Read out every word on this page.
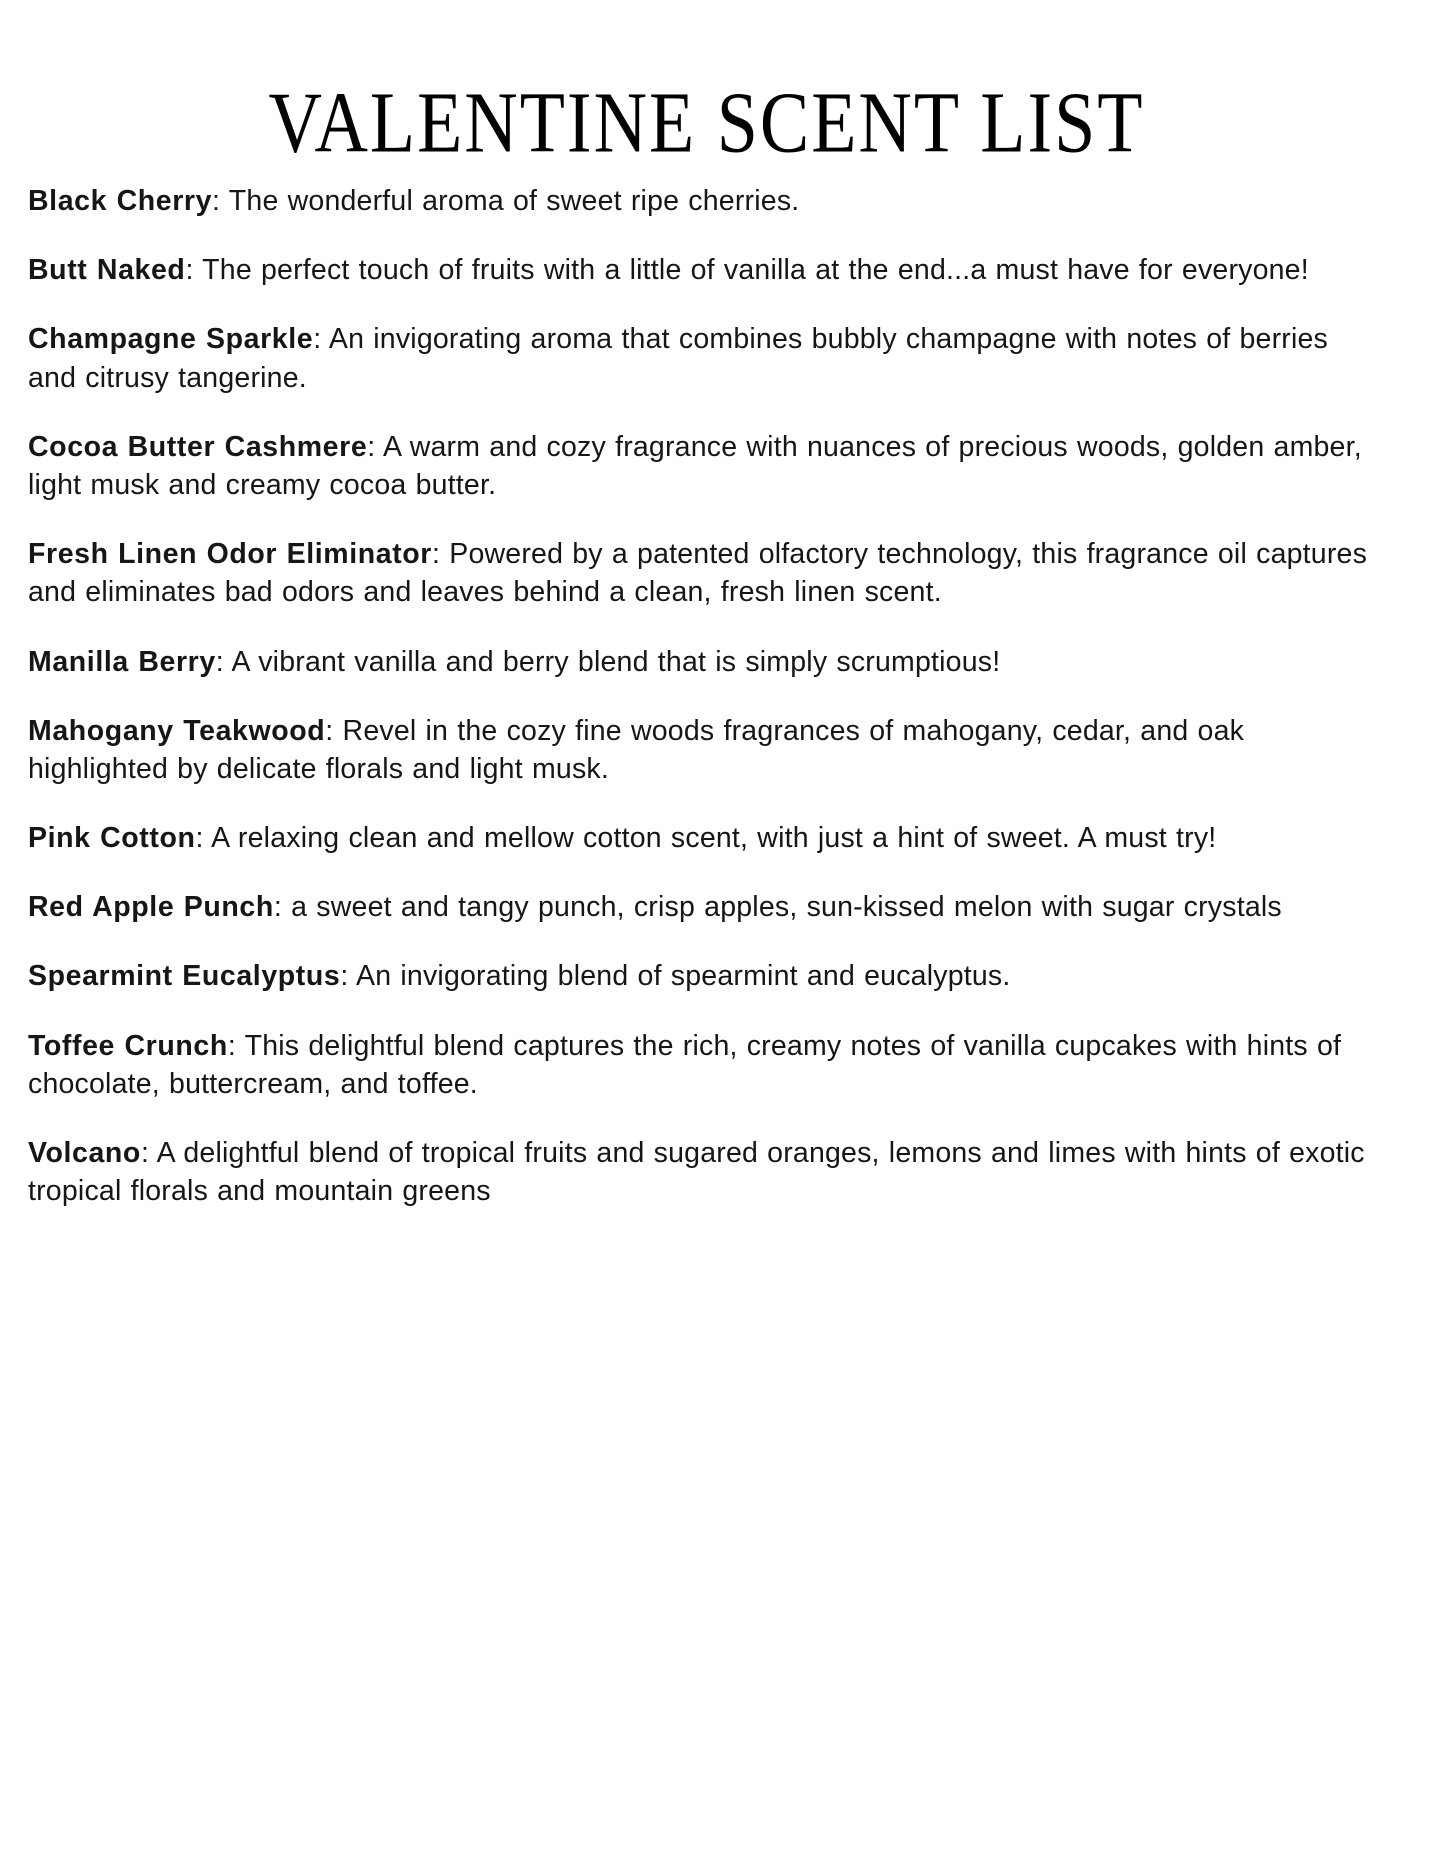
VALENTINE SCENT LIST
Black Cherry: The wonderful aroma of sweet ripe cherries.
Butt Naked: The perfect touch of fruits with a little of vanilla at the end...a must have for everyone!
Champagne Sparkle: An invigorating aroma that combines bubbly champagne with notes of berries and citrusy tangerine.
Cocoa Butter Cashmere: A warm and cozy fragrance with nuances of precious woods, golden amber, light musk and creamy cocoa butter.
Fresh Linen Odor Eliminator: Powered by a patented olfactory technology, this fragrance oil captures and eliminates bad odors and leaves behind a clean, fresh linen scent.
Manilla Berry: A vibrant vanilla and berry blend that is simply scrumptious!
Mahogany Teakwood: Revel in the cozy fine woods fragrances of mahogany, cedar, and oak highlighted by delicate florals and light musk.
Pink Cotton: A relaxing clean and mellow cotton scent, with just a hint of sweet. A must try!
Red Apple Punch: a sweet and tangy punch, crisp apples, sun-kissed melon with sugar crystals
Spearmint Eucalyptus: An invigorating blend of spearmint and eucalyptus.
Toffee Crunch: This delightful blend captures the rich, creamy notes of vanilla cupcakes with hints of chocolate, buttercream, and toffee.
Volcano: A delightful blend of tropical fruits and sugared oranges, lemons and limes with hints of exotic tropical florals and mountain greens
